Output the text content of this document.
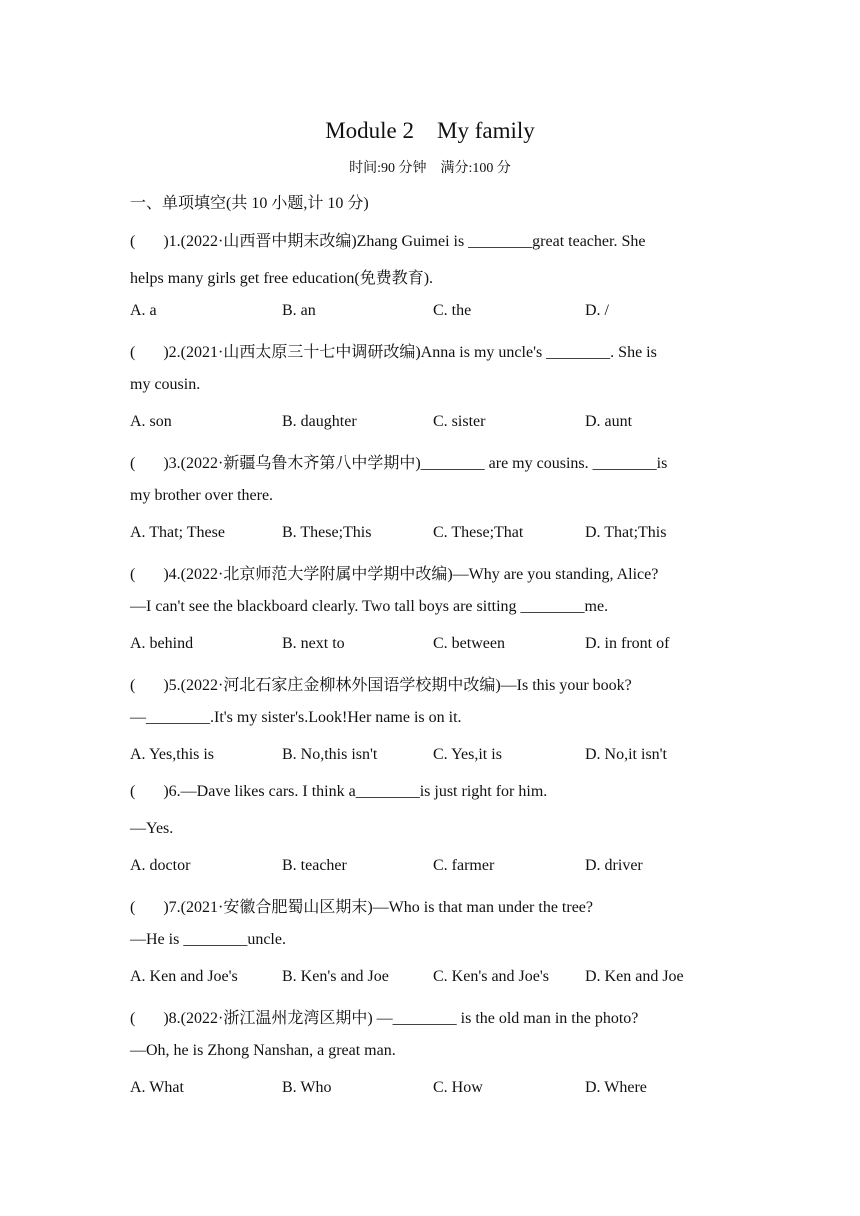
Module 2　My family
时间:90 分钟 满分:100 分
一、单项填空(共 10 小题,计 10 分)
(       )1.(2022·山西晋中期末改编)Zhang Guimei is ________great teacher. She
helps many girls get free education(免费教育).
A. a	B. an	C. the	D. /
(       )2.(2021·山西太原三十七中调研改编)Anna is my uncle's ________. She is
my cousin.
A. son	B. daughter	C. sister	D. aunt
(       )3.(2022·新疆乌鲁木齐第八中学期中)________ are my cousins. ________is
my brother over there.
A. That; These	B. These;This	C. These;That	D. That;This
(       )4.(2022·北京师范大学附属中学期中改编)—Why are you standing, Alice?
—I can't see the blackboard clearly. Two tall boys are sitting ________me.
A. behind	B. next to	C. between	D. in front of
(       )5.(2022·河北石家庄金柳林外国语学校期中改编)—Is this your book?
—________.It's my sister's.Look!Her name is on it.
A. Yes,this is	B. No,this isn't	C. Yes,it is	D. No,it isn't
(       )6.—Dave likes cars. I think a________is just right for him.
—Yes.
A. doctor	B. teacher	C. farmer	D. driver
(       )7.(2021·安徽合肥蜀山区期末)—Who is that man under the tree?
—He is ________uncle.
A. Ken and Joe's	B. Ken's and Joe	C. Ken's and Joe's D. Ken and Joe
(       )8.(2022·浙江温州龙湾区期中) —________ is the old man in the photo?
—Oh, he is Zhong Nanshan, a great man.
A. What	B. Who	C. How	D. Where
